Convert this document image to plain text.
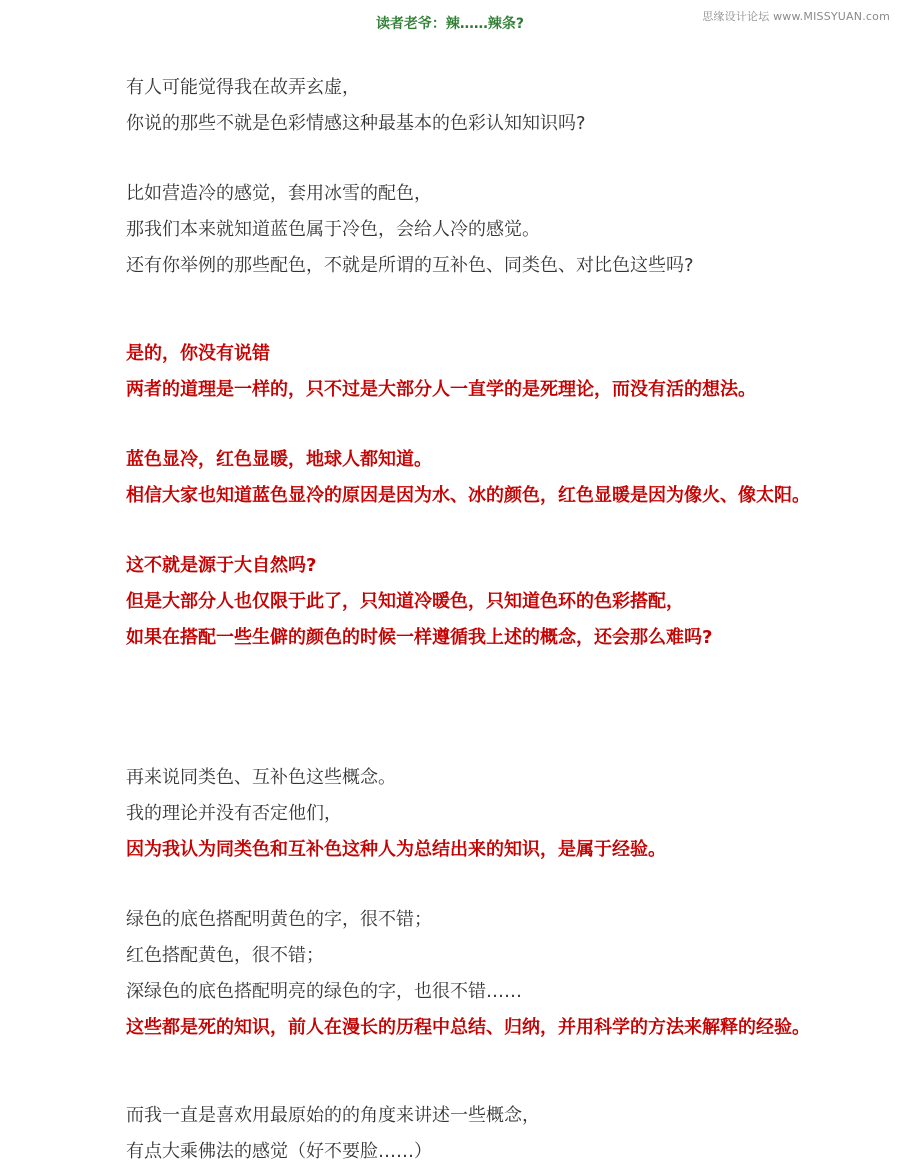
思缘设计论坛 www.MISSYUAN.com
读者老爷：辣……辣条?
有人可能觉得我在故弄玄虚，
你说的那些不就是色彩情感这种最基本的色彩认知知识吗?
比如营造冷的感觉，套用冰雪的配色，
那我们本来就知道蓝色属于冷色，会给人冷的感觉。
还有你举例的那些配色，不就是所谓的互补色、同类色、对比色这些吗?
是的，你没有说错
两者的道理是一样的，只不过是大部分人一直学的是死理论，而没有活的想法。
蓝色显冷，红色显暖，地球人都知道。
相信大家也知道蓝色显冷的原因是因为水、冰的颜色，红色显暖是因为像火、像太阳。
这不就是源于大自然吗?
但是大部分人也仅限于此了，只知道冷暖色，只知道色环的色彩搭配，
如果在搭配一些生僻的颜色的时候一样遵循我上述的概念，还会那么难吗?
再来说同类色、互补色这些概念。
我的理论并没有否定他们，
因为我认为同类色和互补色这种人为总结出来的知识，是属于经验。
绿色的底色搭配明黄色的字，很不错；
红色搭配黄色，很不错；
深绿色的底色搭配明亮的绿色的字，也很不错……
这些都是死的知识，前人在漫长的历程中总结、归纳，并用科学的方法来解释的经验。
而我一直是喜欢用最原始的的角度来讲述一些概念，
有点大乘佛法的感觉（好不要脸……）
